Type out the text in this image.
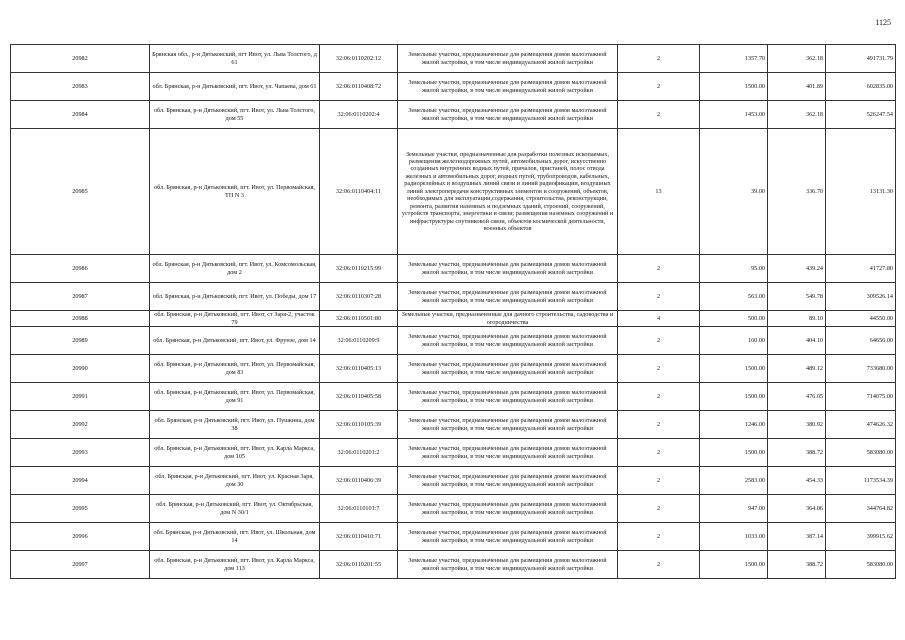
1125
20982	Брянская обл., р-н Дятьковский, пгт Ивот, ул. Льва Толстого, д 61	32:06:0110202:12	Земельные участки, предназначенные для размещения домов малоэтажной жилой застройки, в том числе индивидуальной жилой застройки	2	1357.70	362.18	491731.79
20983	обл. Брянская, р-н Дятьковский, пгт. Ивот, ул. Чапаева, дом 61	32:06:0110408:72	Земельные участки, предназначенные для размещения домов малоэтажной жилой застройки, в том числе индивидуальной жилой застройки	2	1500.00	401.89	602835.00
20984	обл. Брянская, р-н Дятьковский, пгт. Ивот, ул. Льва Толстого, дом 55	32:06:0110202:4	Земельные участки, предназначенные для размещения домов малоэтажной жилой застройки, в том числе индивидуальной жилой застройки	2	1453.00	362.18	526247.54
20985	обл. Брянская, р-н Дятьковский, пгт. Ивот, ул. Первомайская, ТП N 3	32:06:0110404:11	Земельные участки, предназначенные для разработки полезных ископаемых, размещения железнодорожных путей, автомобильных дорог, искусственно созданных внутренних водных путей, причалов, пристаней, полос отвода железных и автомобильных дорог, водных путей, трубопроводов, кабельных, радиорелейных и воздушных линий связи и линий радиофикации, воздушных линий электропередачи конструктивных элементов и сооружений, объектов, необходимых для эксплуатации,содержания, строительства, реконструкции, ремонта, развития наземных и подземных зданий, строений, сооружений, устройств транспорта, энергетики и связи; размещения наземных сооружений и инфраструктуры спутниковой связи, объектов космической деятельности, военных объектов	13	39.00	336.70	13131.30
20986	обл. Брянская, р-н Дятьковский, пгт. Ивот, ул. Комсомольская, дом 2	32:06:0110215:99	Земельные участки, предназначенные для размещения домов малоэтажной жилой застройки, в том числе индивидуальной жилой застройки	2	95.00	439.24	41727.80
20987	обл. Брянская, р-н Дятьковский, пгт. Ивот, ул. Победы, дом 17	32:06:0110307:28	Земельные участки, предназначенные для размещения домов малоэтажной жилой застройки, в том числе индивидуальной жилой застройки	2	563.00	549.78	309526.14
20988	обл. Брянская, р-н Дятьковский, пгт. Ивот, ст Заря-2, участок 79	32:06:0110501:80	Земельные участки, предназначенные для дачного строительства, садоводства и огородничества	4	500.00	89.10	44550.00
20989	обл. Брянская, р-н Дятьковский, пгт. Ивот, ул. Фрунзе, дом 14	32:06:0110209:9	Земельные участки, предназначенные для размещения домов малоэтажной жилой застройки, в том числе индивидуальной жилой застройки	2	160.00	404.10	64656.00
20990	обл. Брянская, р-н Дятьковский, пгт. Ивот, ул. Первомайская, дом 83	32:06:0110405:13	Земельные участки, предназначенные для размещения домов малоэтажной жилой застройки, в том числе индивидуальной жилой застройки	2	1500.00	489.12	733680.00
20991	обл. Брянская, р-н Дятьковский, пгт. Ивот, ул. Первомайская, дом 91	32:06:0110405:58	Земельные участки, предназначенные для размещения домов малоэтажной жилой застройки, в том числе индивидуальной жилой застройки	2	1500.00	476.05	714075.00
20992	обл. Брянская, р-н Дятьковский, пгт. Ивот, ул. Пушкина, дом 38	32:06:0110105:39	Земельные участки, предназначенные для размещения домов малоэтажной жилой застройки, в том числе индивидуальной жилой застройки	2	1246.00	380.92	474626.32
20993	обл. Брянская, р-н Дятьковский, пгт. Ивот, ул. Карла Маркса, дом 105	32:06:0110201:2	Земельные участки, предназначенные для размещения домов малоэтажной жилой застройки, в том числе индивидуальной жилой застройки	2	1500.00	388.72	583080.00
20994	обл. Брянская, р-н Дятьковский, пгт. Ивот, ул. Красная Заря, дом 30	32:06:0110406:39	Земельные участки, предназначенные для размещения домов малоэтажной жилой застройки, в том числе индивидуальной жилой застройки	2	2583.00	454.33	1173534.39
20995	обл. Брянская, р-н Дятьковский, пгт. Ивот, ул. Октябрьская, дом N 30/1	32:06:0110101:7	Земельные участки, предназначенные для размещения домов малоэтажной жилой застройки, в том числе индивидуальной жилой застройки	2	947.00	364.06	344764.82
20996	обл. Брянская, р-н Дятьковский, пгт. Ивот, ул. Школьная, дом 14	32:06:0110410:71	Земельные участки, предназначенные для размещения домов малоэтажной жилой застройки, в том числе индивидуальной жилой застройки	2	1033.00	387.14	399915.62
20997	обл. Брянская, р-н Дятьковский, пгт. Ивот, ул. Карла Маркса, дом 113	32:06:0110201:55	Земельные участки, предназначенные для размещения домов малоэтажной жилой застройки, в том числе индивидуальной жилой застройки	2	1500.00	388.72	583080.00
